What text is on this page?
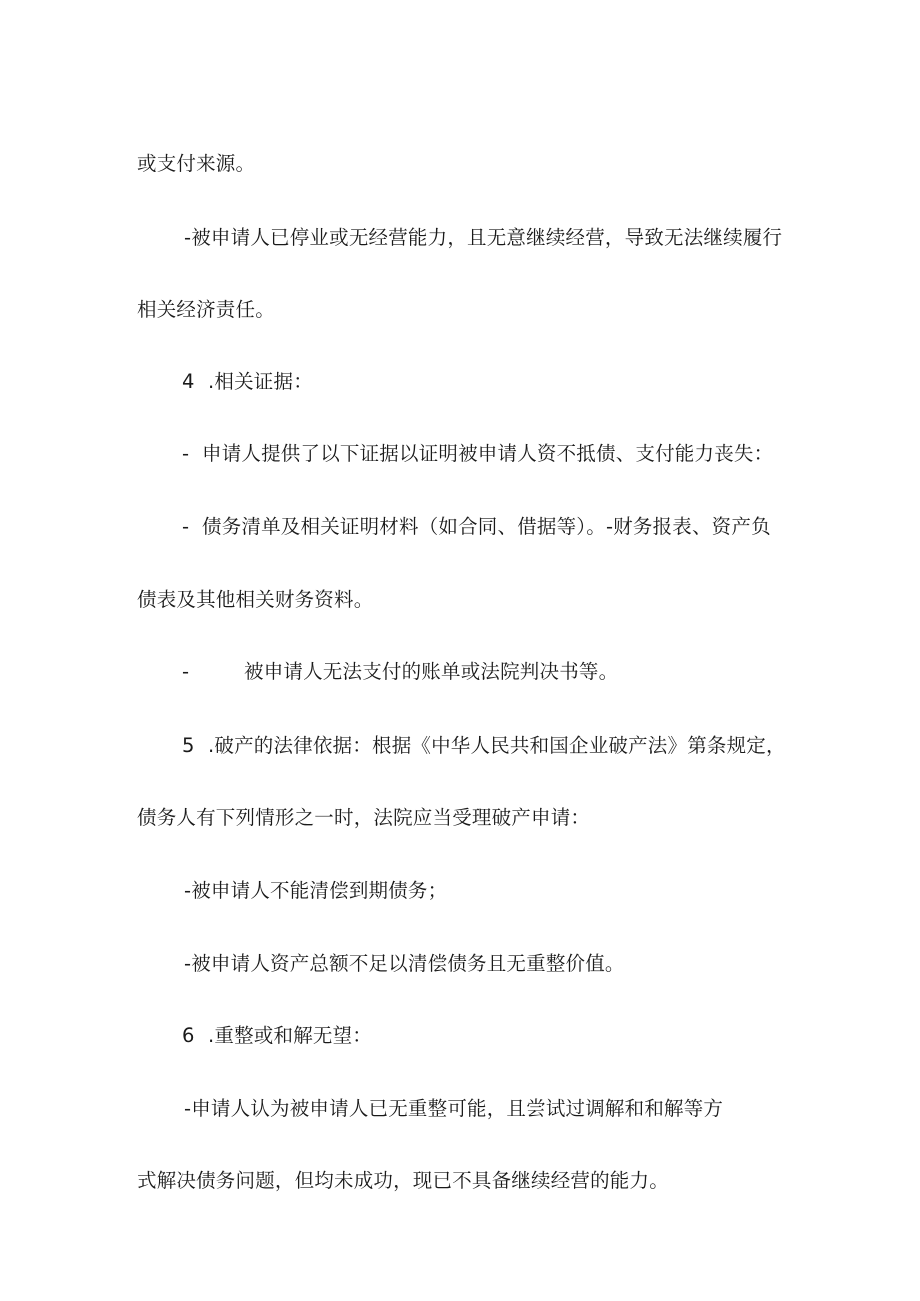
或支付来源。
-被申请人已停业或无经营能力，且无意继续经营，导致无法继续履行
相关经济责任。
4 .相关证据：
- 申请人提供了以下证据以证明被申请人资不抵债、支付能力丧失：
- 债务清单及相关证明材料（如合同、借据等）。-财务报表、资产负
债表及其他相关财务资料。
-	被申请人无法支付的账单或法院判决书等。
5 .破产的法律依据：根据《中华人民共和国企业破产法》第条规定，
债务人有下列情形之一时，法院应当受理破产申请：
-被申请人不能清偿到期债务；
-被申请人资产总额不足以清偿债务且无重整价值。
6 .重整或和解无望：
-申请人认为被申请人已无重整可能，且尝试过调解和和解等方
式解决债务问题，但均未成功，现已不具备继续经营的能力。
